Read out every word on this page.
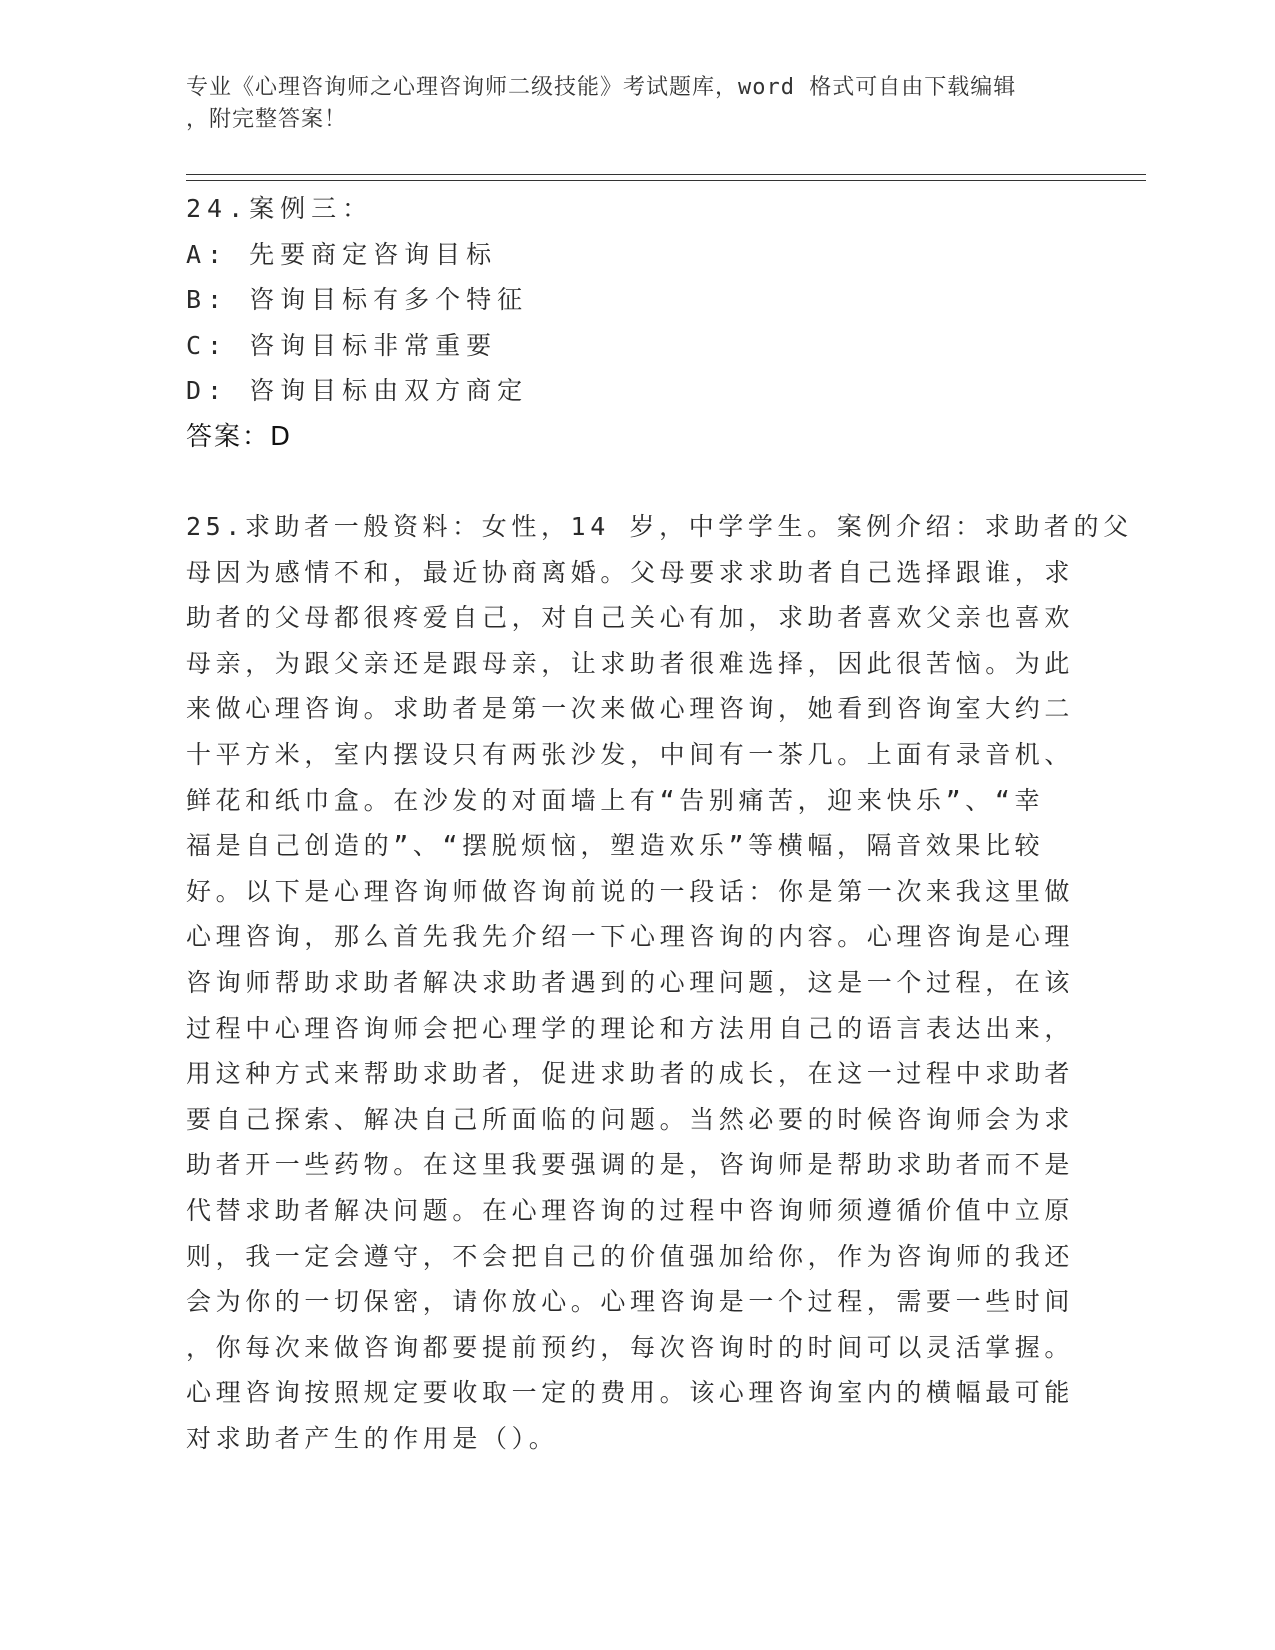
专业《心理咨询师之心理咨询师二级技能》考试题库，word 格式可自由下载编辑
，附完整答案！
24.案例三：
A: 先要商定咨询目标
B: 咨询目标有多个特征
C: 咨询目标非常重要
D: 咨询目标由双方商定
答案：D
25.求助者一般资料：女性，14 岁，中学学生。案例介绍：求助者的父
母因为感情不和，最近协商离婚。父母要求求助者自己选择跟谁，求
助者的父母都很疼爱自己，对自己关心有加，求助者喜欢父亲也喜欢
母亲，为跟父亲还是跟母亲，让求助者很难选择，因此很苦恼。为此
来做心理咨询。求助者是第一次来做心理咨询，她看到咨询室大约二
十平方米，室内摆设只有两张沙发，中间有一茶几。上面有录音机、
鲜花和纸巾盒。在沙发的对面墙上有“告别痛苦，迎来快乐”、“幸
福是自己创造的”、“摆脱烦恼，塑造欢乐”等横幅，隔音效果比较
好。以下是心理咨询师做咨询前说的一段话：你是第一次来我这里做
心理咨询，那么首先我先介绍一下心理咨询的内容。心理咨询是心理
咨询师帮助求助者解决求助者遇到的心理问题，这是一个过程，在该
过程中心理咨询师会把心理学的理论和方法用自己的语言表达出来，
用这种方式来帮助求助者，促进求助者的成长，在这一过程中求助者
要自己探索、解决自己所面临的问题。当然必要的时候咨询师会为求
助者开一些药物。在这里我要强调的是，咨询师是帮助求助者而不是
代替求助者解决问题。在心理咨询的过程中咨询师须遵循价值中立原
则，我一定会遵守，不会把自己的价值强加给你，作为咨询师的我还
会为你的一切保密，请你放心。心理咨询是一个过程，需要一些时间
，你每次来做咨询都要提前预约，每次咨询时的时间可以灵活掌握。
心理咨询按照规定要收取一定的费用。该心理咨询室内的横幅最可能
对求助者产生的作用是（）。
